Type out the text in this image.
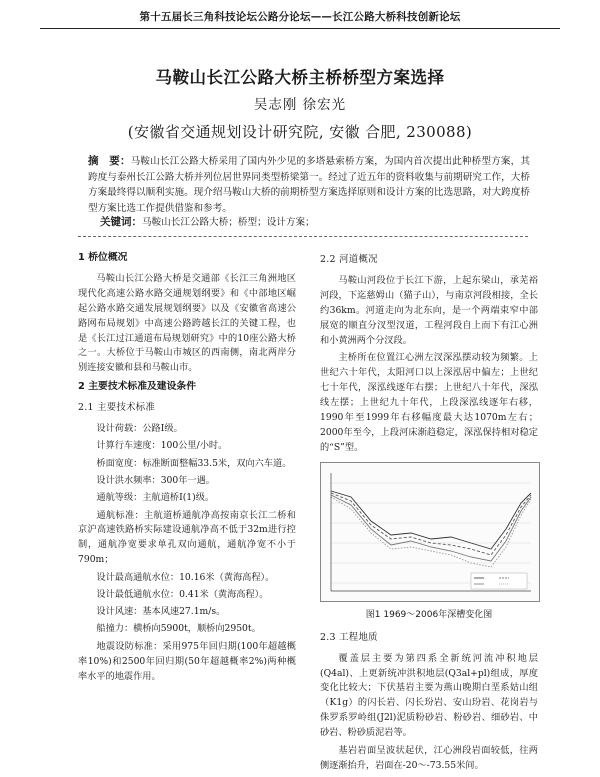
第十五届长三角科技论坛公路分论坛——长江公路大桥科技创新论坛
马鞍山长江公路大桥主桥桥型方案选择
吴志刚 徐宏光
(安徽省交通规划设计研究院, 安徽 合肥, 230088)
摘　要：马鞍山长江公路大桥采用了国内外少见的多塔悬索桥方案，为国内首次提出此种桥型方案，其跨度与泰州长江公路大桥并列位居世界同类型桥梁第一。经过了近五年的资料收集与前期研究工作，大桥方案最终得以顺利实施。现介绍马鞍山大桥的前期桥型方案选择原则和设计方案的比选思路，对大跨度桥型方案比选工作提供借鉴和参考。
关键词：马鞍山长江公路大桥；桥型；设计方案；
1 桥位概况
马鞍山长江公路大桥是交通部《长江三角洲地区现代化高速公路水路交通规划纲要》和《中部地区崛起公路水路交通发展规划纲要》以及《安徽省高速公路网布局规划》中高速公路跨越长江的关键工程，也是《长江过江通道布局规划研究》中的10座公路大桥之一。大桥位于马鞍山市城区的西南侧，南北两岸分别连接安徽和县和马鞍山市。
2 主要技术标准及建设条件
2.1 主要技术标准
设计荷载：公路Ⅰ级。
计算行车速度：100公里/小时。
桥面宽度：标准断面整幅33.5米，双向六车道。
设计洪水频率：300年一遇。
通航等级：主航道桥Ⅰ(1)级。
通航标准：主航道桥通航净高按南京长江二桥和京沪高速铁路桥实际建设通航净高不低于32m进行控制，通航净宽要求单孔双向通航，通航净宽不小于790m；
设计最高通航水位：10.16米（黄海高程）。
设计最低通航水位：0.41米（黄海高程）。
设计风速：基本风速27.1m/s。
船撞力：横桥向5900t，顺桥向2950t。
地震设防标准：采用975年回归期(100年超越概率10%)和2500年回归期(50年超越概率2%)两种概率水平的地震作用。
2.2 河道概况
马鞍山河段位于长江下游，上起东梁山，承芜裕河段，下迄慈姆山（猫子山），与南京河段相接，全长约36km。河道走向为北东向，是一个两端束窄中部展宽的顺直分汊型汊道，工程河段自上而下有江心洲和小黄洲两个分汊段。
主桥所在位置江心洲左汊深泓摆动较为频繁。上世纪六十年代，太阳河口以上深泓居中偏左；上世纪七十年代，深泓线逐年右摆；上世纪八十年代，深泓线左摆；上世纪九十年代，上段深泓线逐年右移，1990年至1999年右移幅度最大达1070m左右；2000年至今，上段河床渐趋稳定，深泓保持相对稳定的“S”型。
图1 1969～2006年深槽变化图
2.3 工程地质
覆盖层主要为第四系全新统河流冲积地层(Q4al)、上更新统冲洪积地层(Q3al+pl)组成，厚度变化比较大；下伏基岩主要为燕山晚期白垩系姑山组（K1g）的闪长岩、闪长玢岩、安山玢岩、花岗岩与侏罗系罗岭组(J2l)泥质粉砂岩、粉砂岩、细砂岩、中砂岩、粉砂质泥岩等。
基岩岩面呈波状起伏，江心洲段岩面较低，往两侧逐渐抬升，岩面在-20～-73.55米间。
